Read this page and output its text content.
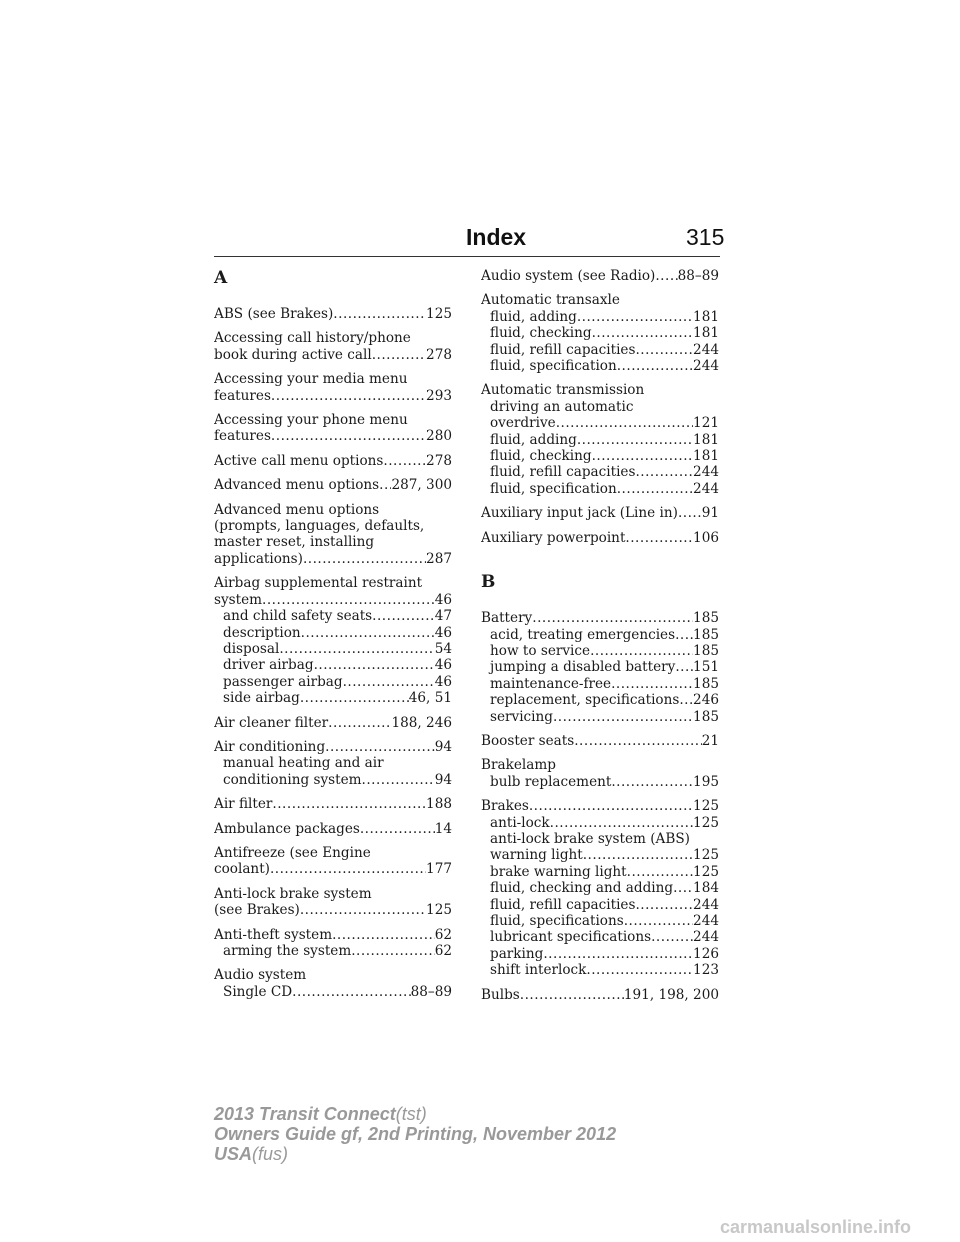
Index	315
A
ABS (see Brakes) .....	125
Accessing call history/phone
book during active call .....	278
Accessing your media menu
features .....	293
Accessing your phone menu
features .....	280
Active call menu options .....	278
Advanced menu options ..... 287, 300
Advanced menu options
(prompts, languages, defaults,
master reset, installing
applications) .....	287
Airbag supplemental restraint
system .....	46
and child safety seats .....	47
description .....	46
disposal .....	54
driver airbag .....	46
passenger airbag .....	46
side airbag .....	46, 51
Air cleaner filter .....	188, 246
Air conditioning .....	94
manual heating and air
conditioning system .....	94
Air filter .....	188
Ambulance packages .....	14
Antifreeze (see Engine
coolant) .....	177
Anti-lock brake system
(see Brakes) .....	125
Anti-theft system .....	62
arming the system .....	62
Audio system
Single CD .....	88–89
Audio system (see Radio) ..... 88–89
Automatic transaxle
fluid, adding .....	181
fluid, checking .....	181
fluid, refill capacities .....	244
fluid, specification .....	244
Automatic transmission
driving an automatic
overdrive .....	121
fluid, adding .....	181
fluid, checking .....	181
fluid, refill capacities .....	244
fluid, specification .....	244
Auxiliary input jack (Line in) ..... 91
Auxiliary powerpoint .....	106
B
Battery .....	185
acid, treating emergencies ..... 185
how to service .....	185
jumping a disabled battery ..... 151
maintenance-free .....	185
replacement, specifications ..... 246
servicing .....	185
Booster seats .....	21
Brakelamp
bulb replacement .....	195
Brakes .....	125
anti-lock .....	125
anti-lock brake system (ABS)
warning light .....	125
brake warning light .....	125
fluid, checking and adding ..... 184
fluid, refill capacities .....	244
fluid, specifications .....	244
lubricant specifications .....	244
parking .....	126
shift interlock .....	123
Bulbs .....	191, 198, 200
2013 Transit Connect(tst)
Owners Guide gf, 2nd Printing, November 2012
USA(fus)
carmanualsonline.info
